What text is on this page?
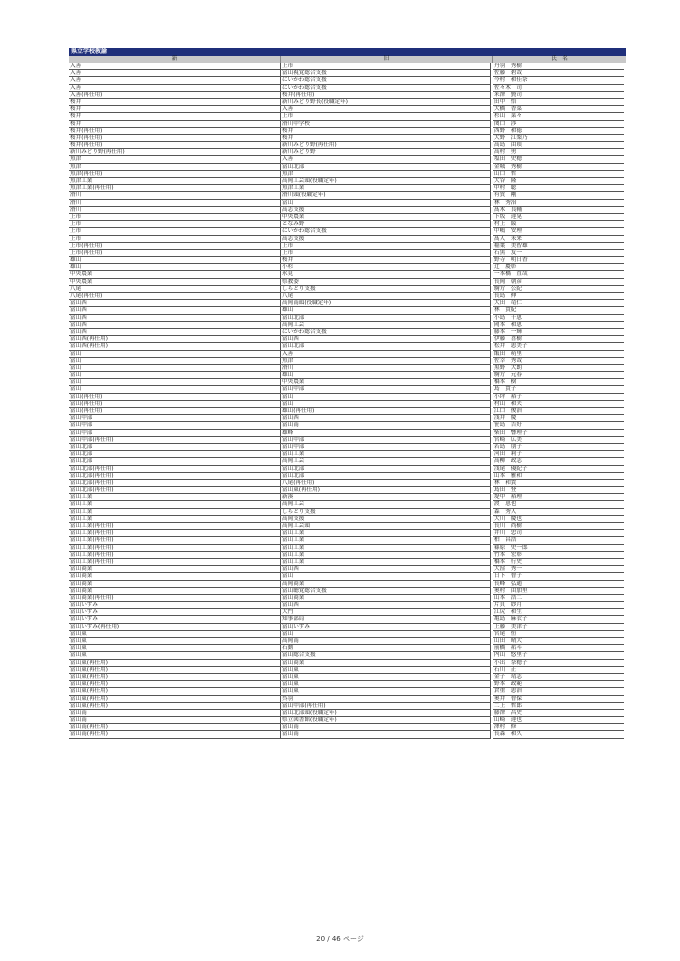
県立学校教諭
新	旧	氏　名
入善	上市	丹羽　秀樹
入善	富山視覚総合支援	佐藤　碧哉
入善	にいかわ総合支援	今村　和佳奈
入善	にいかわ総合支援	佐々木　司
入善(再任用)	桜井(再任用)	米澤　賢司
桜井	新川みどり野長(役職定年)	田中　悟
桜井	入善	大橋　香菜
桜井	上市	杉山　菜々
桜井	滑川中学校	関口　渉
桜井(再任用)	桜井	西野　和徳
桜井(再任用)	桜井	大野　江梨乃
桜井(再任用)	新川みどり野(再任用)	高島　由頃
新川みどり野(再任用)	新川みどり野	高村　勇
魚津	入善	塩田　史穂
魚津	富山北部	金城　秀樹
魚津(再任用)	魚津	山口　哲
魚津工業	高岡工芸頭(役職定年)	大谷　隆
魚津工業(再任用)	魚津工業	中村　聡
滑川	滑川頭(役職定年)	有賀　剛
滑川	富山	林　秀治
滑川	高志支援	髙木　良輔
上市	中央農業	下坂　達晃
上市	となみ野	村上　綾
上市	にいかわ総合支援	中嶋　安理
上市	高志支援	髙人　未来
上市(再任用)	上市	稲葉　美智雄
上市(再任用)	上市	石黒　友一
雄山	桜井	野寺　明日香
雄山	小杉	辻　慶彰
中央農業	氷見	一本橋　直哉
中央農業	県教委	長岡　朝彦
八尾	しらとり支援	駒方　公紀
八尾(再任用)	八尾	長島　伸
富山西	高岡南頭(役職定年)	大田　竜仁
富山西	雄山	林　貴紀
富山西	富山北部	小島　千恵
富山西	高岡工芸	岡本　和恵
富山西	にいかわ総合支援	藤本　一輝
富山西(再任用)	富山西	伊藤　喜樹
富山西(再任用)	富山北部	松井　恵美子
富山	入善	飯田　萌里
富山	魚津	佐幸　秀哉
富山	滑川	黒野　大朗
富山	雄山	駒方　元春
富山	中央農業	橋本　樹
富山	富山中部	島　貴子
富山(再任用)	富山	小坪　裕子
富山(再任用)	富山	村山　和夫
富山(再任用)	雄山(再任用)	江口　俊治
富山中部	富山西	浅井　慶
富山中部	富山南	笹島　吉好
富山中部	雄峰	柴田　響理子
富山中部(再任用)	富山中部	宮崎　広美
富山北部	富山中部	若島　朋子
富山北部	富山工業	河田　莉子
富山北部	高岡工芸	高柳　政志
富山北部(再任用)	富山北部	浅尾　優紀子
富山北部(再任用)	富山北部	山本　雅和
富山北部(再任用)	八尾(再任用)	林　和貴
富山北部(再任用)	富山東(再任用)	島田　登
富山工業	新湊	堤中　裕理
富山工業	高岡工芸	渡　恵也
富山工業	しらとり支援	森　秀人
富山工業	高岡支援	大川　慶也
富山工業(再任用)	高岡工芸頭	長川　尚樹
富山工業(再任用)	富山工業	井川　忠司
富山工業(再任用)	富山工業	柏　昌浩
富山工業(再任用)	富山工業	篠原　史一郎
富山工業(再任用)	富山工業	竹本　宏彰
富山工業(再任用)	富山工業	橋本　行史
富山商業	富山西	大窪　秀一
富山商業	富山	日下　智子
富山商業	高岡商業	長峰　弘通
富山商業	富山聴覚総合支援	奥村　由加里
富山商業(再任用)	富山商業	山本　浩二
富山いずみ	富山西	片貝　紗月
富山いずみ	大門	江尻　和生
富山いずみ	知事部局	亀島　麻衣子
富山いずみ(再任用)	富山いずみ	上藤　美津子
富山東	富山	宮尾　恒
富山東	高岡南	山田　晴大
富山東	石動	前橋　祐斗
富山東	富山総合支援	内山　悠里子
富山東(再任用)	富山商業	小出　奈穂子
富山東(再任用)	富山東	石川　正
富山東(再任用)	富山東	金子　靖志
富山東(再任用)	富山東	野本　政範
富山東(再任用)	富山東	倉重　恵治
富山東(再任用)	呉羽	奥井　智保
富山東(再任用)	富山中部(再任用)	二上　哲郎
富山南	富山北部頭(役職定年)	藤澤　昌史
富山南	県立図書館(役職定年)	山崎　達也
富山南(再任用)	富山南	澤村　修
富山南(再任用)	富山南	長森　和久
20 / 46 ページ
